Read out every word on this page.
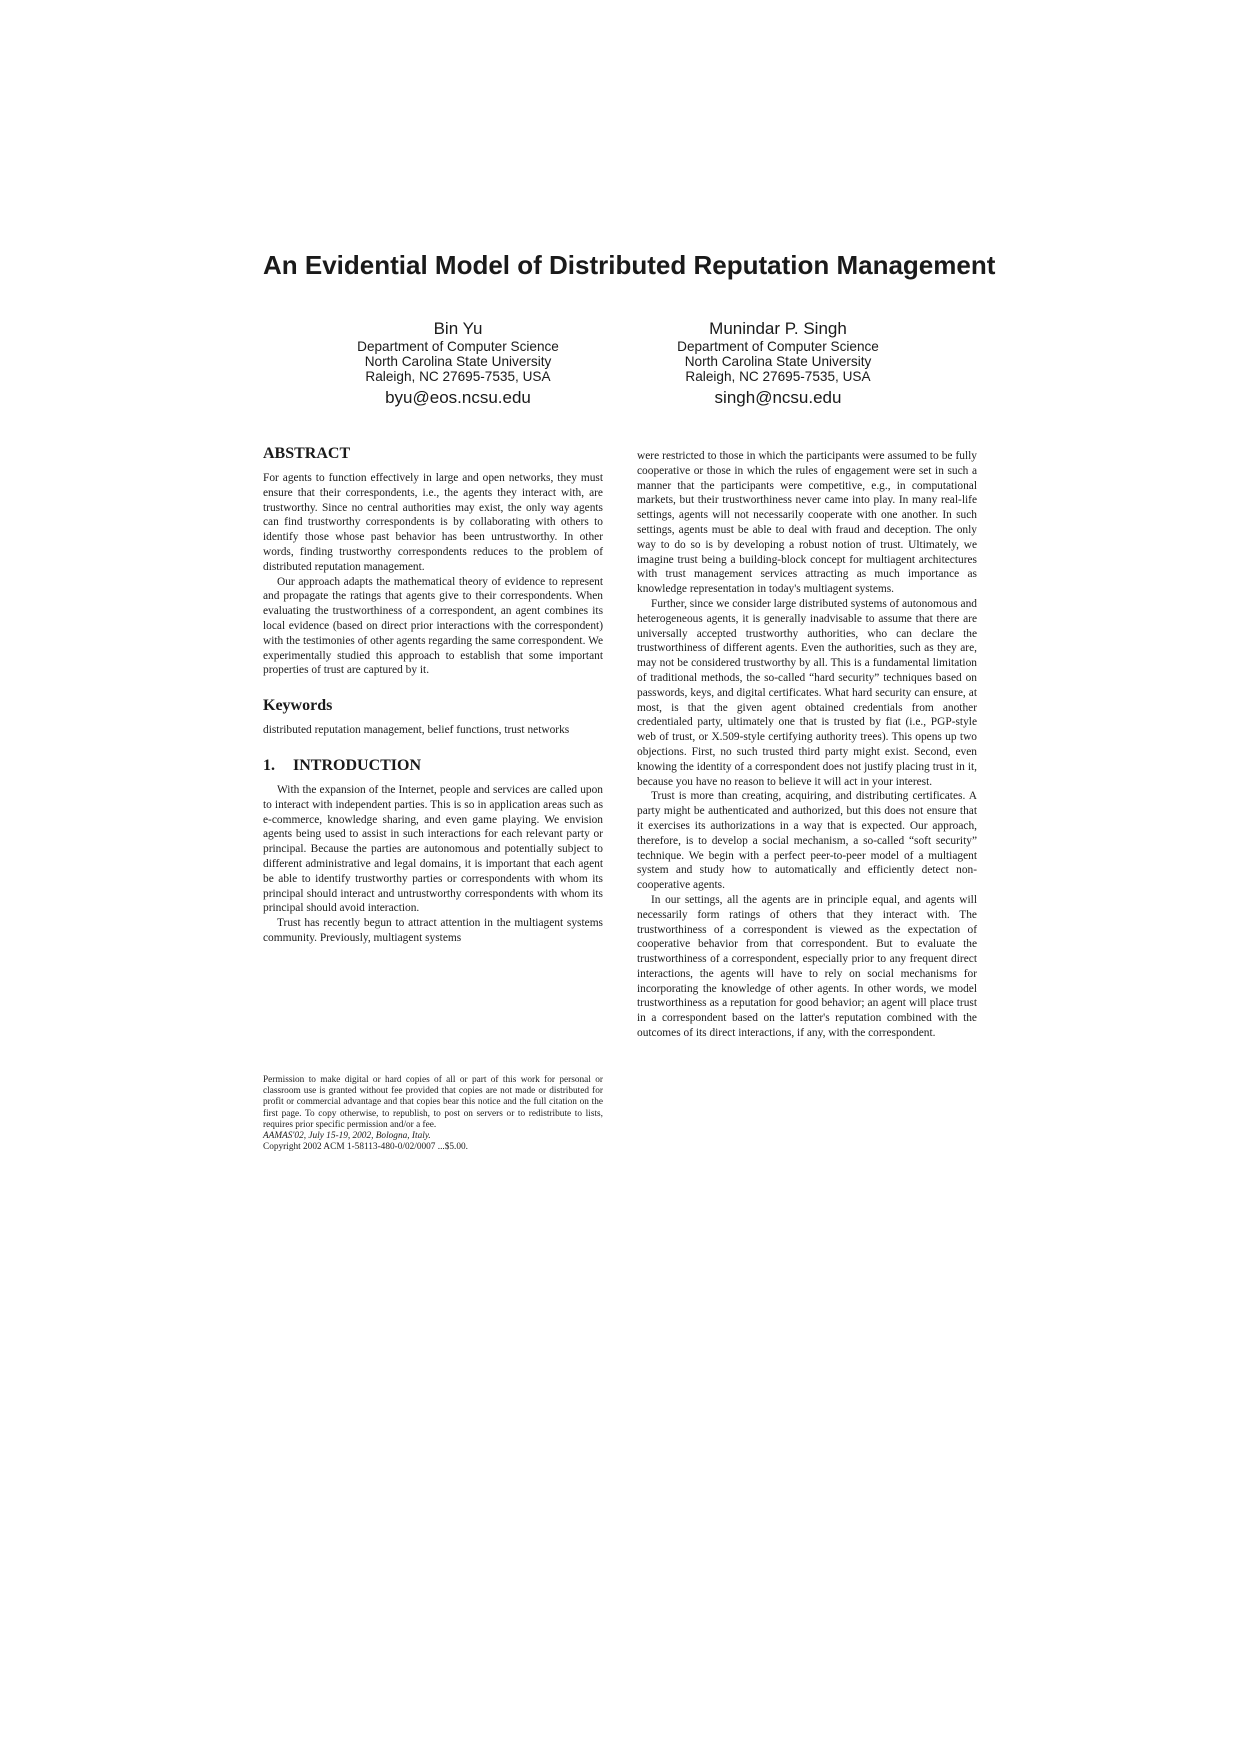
An Evidential Model of Distributed Reputation Management
Bin Yu
Department of Computer Science
North Carolina State University
Raleigh, NC 27695-7535, USA
byu@eos.ncsu.edu
Munindar P. Singh
Department of Computer Science
North Carolina State University
Raleigh, NC 27695-7535, USA
singh@ncsu.edu
ABSTRACT

For agents to function effectively in large and open networks, they must ensure that their correspondents, i.e., the agents they interact with, are trustworthy. Since no central authorities may exist, the only way agents can find trustworthy correspondents is by collaborating with others to identify those whose past behavior has been untrustworthy. In other words, finding trustworthy correspondents reduces to the problem of distributed reputation management.

Our approach adapts the mathematical theory of evidence to represent and propagate the ratings that agents give to their correspondents. When evaluating the trustworthiness of a correspondent, an agent combines its local evidence (based on direct prior interactions with the correspondent) with the testimonies of other agents regarding the same correspondent. We experimentally studied this approach to establish that some important properties of trust are captured by it.

Keywords

distributed reputation management, belief functions, trust networks

1. INTRODUCTION

With the expansion of the Internet, people and services are called upon to interact with independent parties. This is so in application areas such as e-commerce, knowledge sharing, and even game playing. We envision agents being used to assist in such interactions for each relevant party or principal. Because the parties are autonomous and potentially subject to different administrative and legal domains, it is important that each agent be able to identify trustworthy parties or correspondents with whom its principal should interact and untrustworthy correspondents with whom its principal should avoid interaction.

Trust has recently begun to attract attention in the multiagent systems community. Previously, multiagent systems

were restricted to those in which the participants were assumed to be fully cooperative or those in which the rules of engagement were set in such a manner that the participants were competitive, e.g., in computational markets, but their trustworthiness never came into play. In many real-life settings, agents will not necessarily cooperate with one another. In such settings, agents must be able to deal with fraud and deception. The only way to do so is by developing a robust notion of trust. Ultimately, we imagine trust being a building-block concept for multiagent architectures with trust management services attracting as much importance as knowledge representation in today's multiagent systems.

Further, since we consider large distributed systems of autonomous and heterogeneous agents, it is generally inadvisable to assume that there are universally accepted trustworthy authorities, who can declare the trustworthiness of different agents. Even the authorities, such as they are, may not be considered trustworthy by all. This is a fundamental limitation of traditional methods, the so-called “hard security” techniques based on passwords, keys, and digital certificates. What hard security can ensure, at most, is that the given agent obtained credentials from another credentialed party, ultimately one that is trusted by fiat (i.e., PGP-style web of trust, or X.509-style certifying authority trees). This opens up two objections. First, no such trusted third party might exist. Second, even knowing the identity of a correspondent does not justify placing trust in it, because you have no reason to believe it will act in your interest.

Trust is more than creating, acquiring, and distributing certificates. A party might be authenticated and authorized, but this does not ensure that it exercises its authorizations in a way that is expected. Our approach, therefore, is to develop a social mechanism, a so-called “soft security” technique. We begin with a perfect peer-to-peer model of a multiagent system and study how to automatically and efficiently detect non-cooperative agents.

In our settings, all the agents are in principle equal, and agents will necessarily form ratings of others that they interact with. The trustworthiness of a correspondent is viewed as the expectation of cooperative behavior from that correspondent. But to evaluate the trustworthiness of a correspondent, especially prior to any frequent direct interactions, the agents will have to rely on social mechanisms for incorporating the knowledge of other agents. In other words, we model trustworthiness as a reputation for good behavior; an agent will place trust in a correspondent based on the latter's reputation combined with the outcomes of its direct interactions, if any, with the correspondent.

Permission to make digital or hard copies of all or part of this work for personal or classroom use is granted without fee provided that copies are not made or distributed for profit or commercial advantage and that copies bear this notice and the full citation on the first page. To copy otherwise, to republish, to post on servers or to redistribute to lists, requires prior specific permission and/or a fee.

AAMAS'02, July 15-19, 2002, Bologna, Italy.

Copyright 2002 ACM 1-58113-480-0/02/0007 ...$5.00.
